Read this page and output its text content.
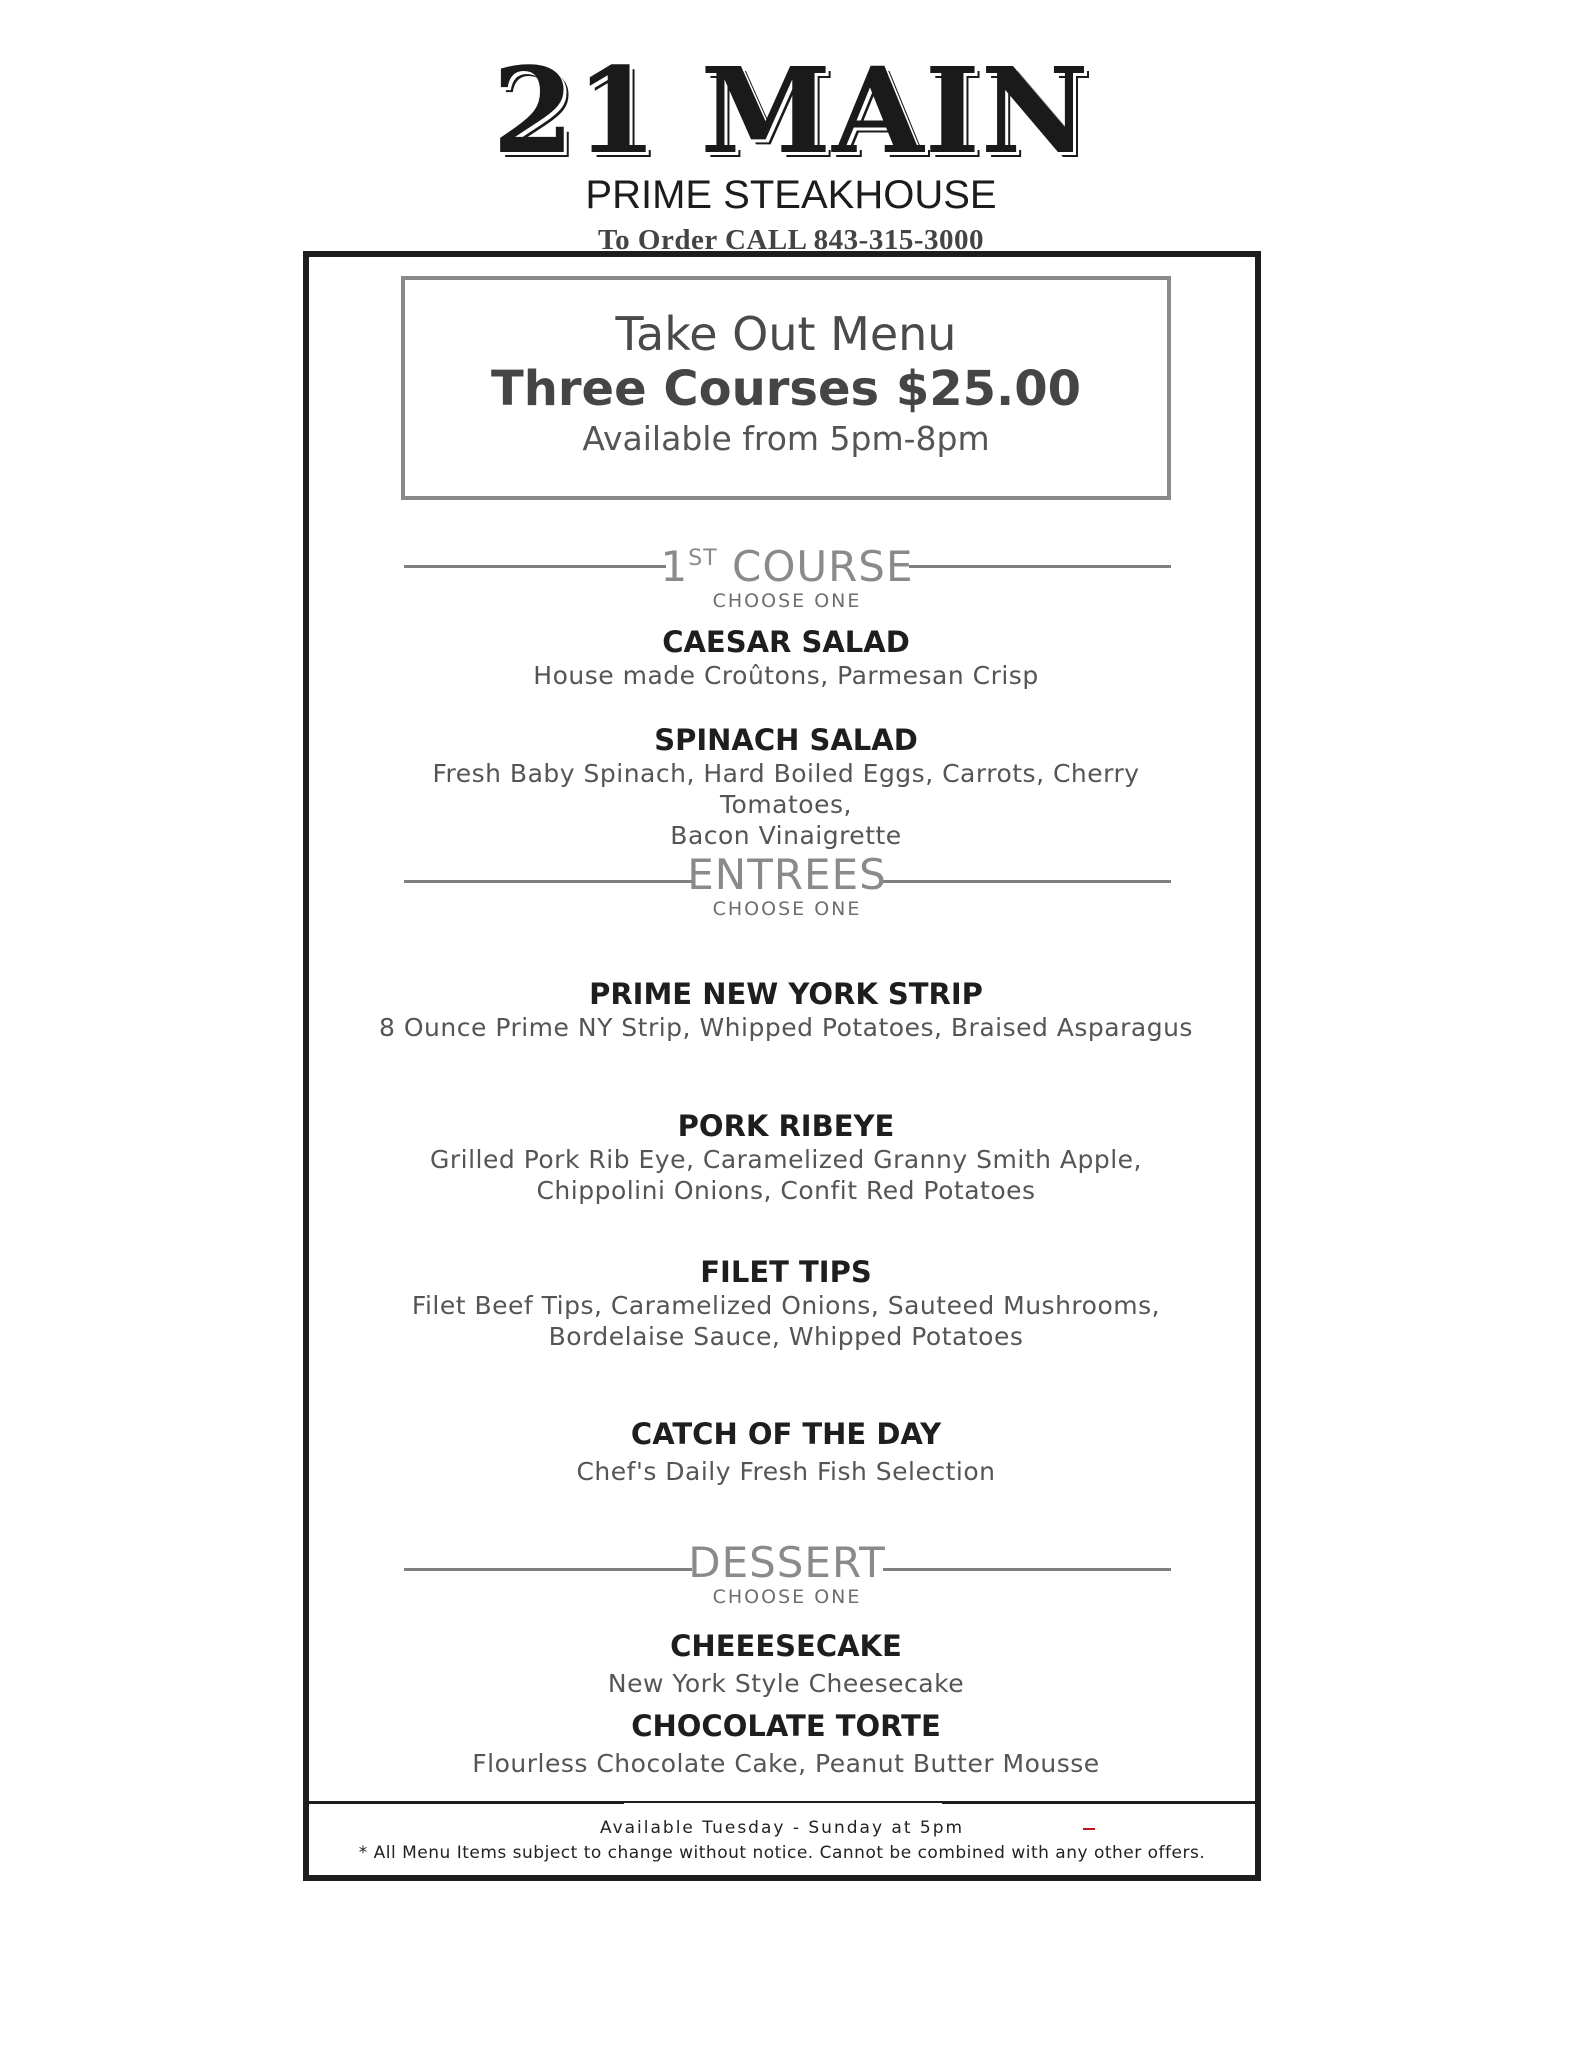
21 MAIN
PRIME STEAKHOUSE
To Order CALL 843-315-3000
Take Out Menu
Three Courses $25.00
Available from 5pm-8pm
1ST COURSE
CHOOSE ONE
CAESAR SALAD
House made Croûtons, Parmesan Crisp
SPINACH SALAD
Fresh Baby Spinach, Hard Boiled Eggs, Carrots, Cherry Tomatoes,
Bacon Vinaigrette
ENTREES
CHOOSE ONE
PRIME NEW YORK STRIP
8 Ounce Prime NY Strip, Whipped Potatoes, Braised Asparagus
PORK RIBEYE
Grilled Pork Rib Eye, Caramelized Granny Smith Apple,
Chippolini Onions, Confit Red Potatoes
FILET TIPS
Filet Beef Tips, Caramelized Onions, Sauteed Mushrooms,
Bordelaise Sauce, Whipped Potatoes
CATCH OF THE DAY
Chef's Daily Fresh Fish Selection
DESSERT
CHOOSE ONE
CHEEESECAKE
New York Style Cheesecake
CHOCOLATE TORTE
Flourless Chocolate Cake, Peanut Butter Mousse
Available Tuesday - Sunday at 5pm
* All Menu Items subject to change without notice. Cannot be combined with any other offers.
